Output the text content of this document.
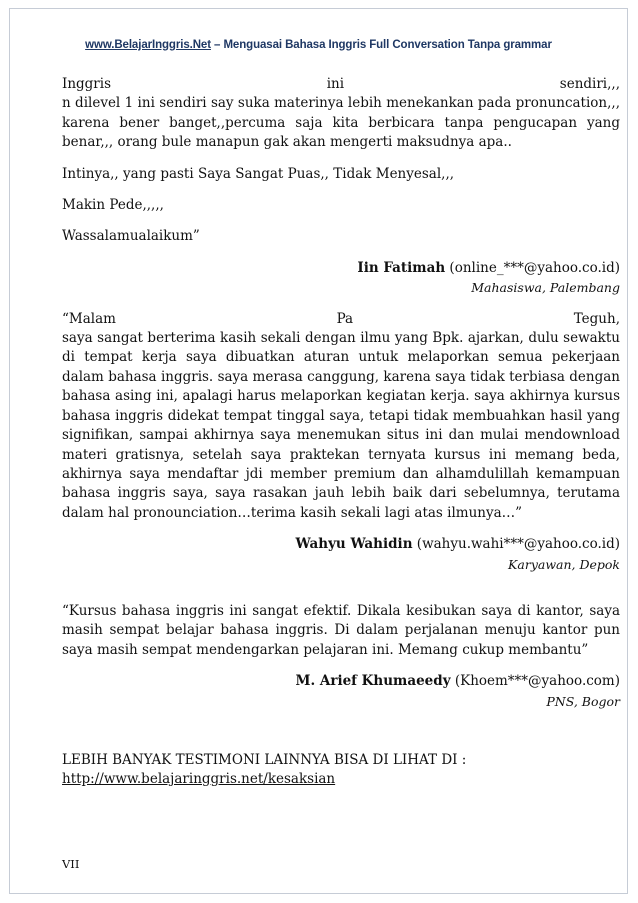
www.BelajarInggris.Net – Menguasai Bahasa Inggris Full Conversation Tanpa grammar

Inggris ini sendiri,,,

n dilevel 1 ini sendiri say suka materinya lebih menekankan pada pronuncation,,, karena bener banget,,percuma saja kita berbicara tanpa pengucapan yang benar,,, orang bule manapun gak akan mengerti maksudnya apa..

Intinya,, yang pasti Saya Sangat Puas,, Tidak Menyesal,,,

Makin Pede,,,,,

Wassalamualaikum”

Iin Fatimah (online_***@yahoo.co.id)

Mahasiswa, Palembang

“Malam Pa Teguh,

saya sangat berterima kasih sekali dengan ilmu yang Bpk. ajarkan, dulu sewaktu di tempat kerja saya dibuatkan aturan untuk melaporkan semua pekerjaan dalam bahasa inggris. saya merasa canggung, karena saya tidak terbiasa dengan bahasa asing ini, apalagi harus melaporkan kegiatan kerja. saya akhirnya kursus bahasa inggris didekat tempat tinggal saya, tetapi tidak membuahkan hasil yang signifikan, sampai akhirnya saya menemukan situs ini dan mulai mendownload materi gratisnya, setelah saya praktekan ternyata kursus ini memang beda, akhirnya saya mendaftar jdi member premium dan alhamdulillah kemampuan bahasa inggris saya, saya rasakan jauh lebih baik dari sebelumnya, terutama dalam hal pronounciation…terima kasih sekali lagi atas ilmunya…”

Wahyu Wahidin (wahyu.wahi***@yahoo.co.id)

Karyawan, Depok

“Kursus bahasa inggris ini sangat efektif. Dikala kesibukan saya di kantor, saya masih sempat belajar bahasa inggris. Di dalam perjalanan menuju kantor pun saya masih sempat mendengarkan pelajaran ini. Memang cukup membantu”

M. Arief Khumaeedy (Khoem***@yahoo.com)

PNS, Bogor

LEBIH BANYAK TESTIMONI LAINNYA BISA DI LIHAT DI :

http://www.belajaringgris.net/kesaksian

VII
